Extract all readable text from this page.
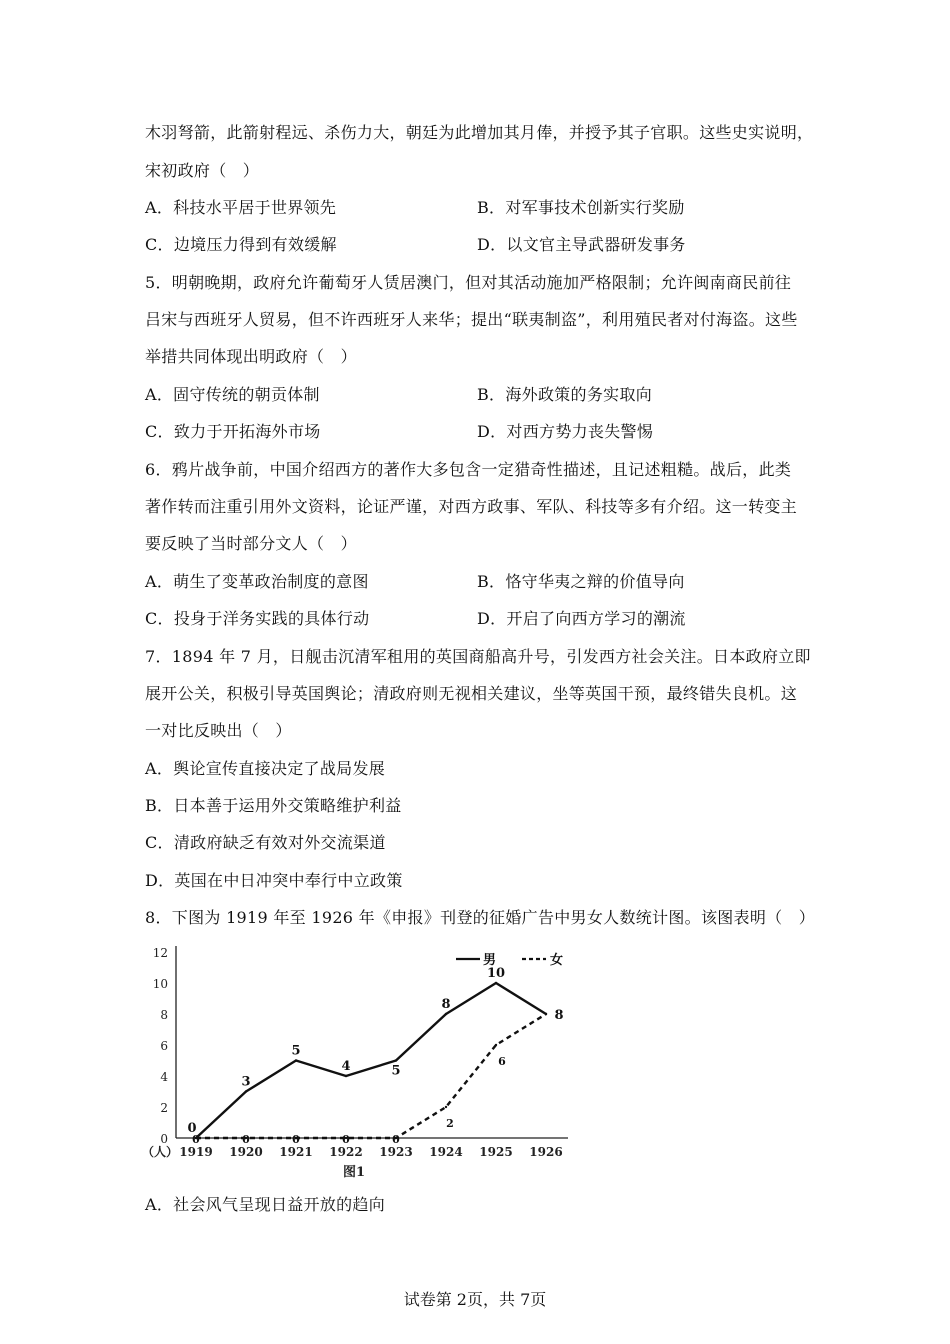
木羽弩箭，此箭射程远、杀伤力大，朝廷为此增加其月俸，并授予其子官职。这些史实说明，
宋初政府（　）
A．科技水平居于世界领先	B．对军事技术创新实行奖励
C．边境压力得到有效缓解	D．以文官主导武器研发事务
5．明朝晚期，政府允许葡萄牙人赁居澳门，但对其活动施加严格限制；允许闽南商民前往
吕宋与西班牙人贸易，但不许西班牙人来华；提出“联夷制盗”，利用殖民者对付海盗。这些
举措共同体现出明政府（　）
A．固守传统的朝贡体制	B．海外政策的务实取向
C．致力于开拓海外市场	D．对西方势力丧失警惕
6．鸦片战争前，中国介绍西方的著作大多包含一定猎奇性描述，且记述粗糙。战后，此类
著作转而注重引用外文资料，论证严谨，对西方政事、军队、科技等多有介绍。这一转变主
要反映了当时部分文人（　）
A．萌生了变革政治制度的意图	B．恪守华夷之辩的价值导向
C．投身于洋务实践的具体行动	D．开启了向西方学习的潮流
7．1894 年 7 月，日舰击沉清军租用的英国商船高升号，引发西方社会关注。日本政府立即
展开公关，积极引导英国舆论；清政府则无视相关建议，坐等英国干预，最终错失良机。这
一对比反映出（　）
A．舆论宣传直接决定了战局发展
B．日本善于运用外交策略维护利益
C．清政府缺乏有效对外交流渠道
D．英国在中日冲突中奉行中立政策
8．下图为 1919 年至 1926 年《申报》刊登的征婚广告中男女人数统计图。该图表明（　）
0
2
4
6
8
10
12
（人） 1919 1920 1921 1922 1923 1924 1925 1926
图1
0
3
5
4	5
8
10
8
0	0	0	0	0
2
6
男	女
A．社会风气呈现日益开放的趋向
试卷第 2页，共 7页
